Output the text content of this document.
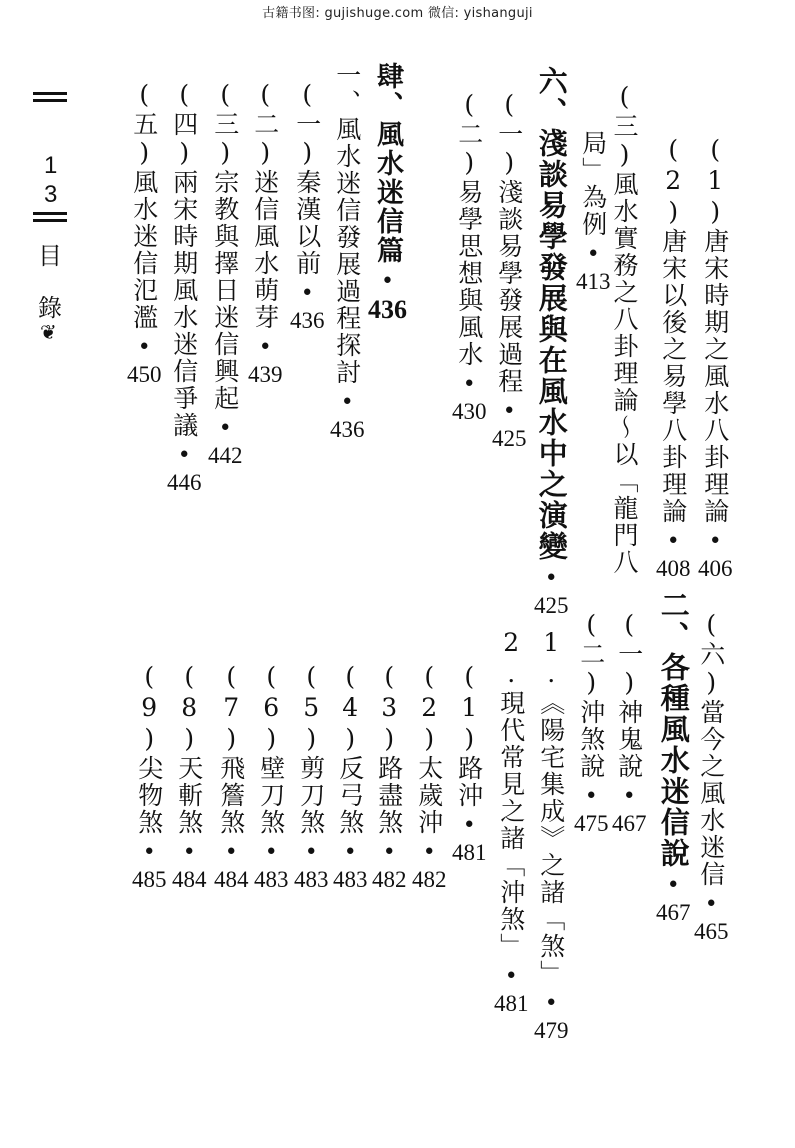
古籍书图: gujishuge.com 微信: yishanguji
1
3
目
錄
❦	(1)唐宋時期之風水八卦理論
•
406
(2)唐宋以後之易學八卦理論
•
408
(三)風水實務之八卦理論～以「龍門八
局」為例
•
413
六、淺談易學發展與在風水中之演變
•
425
(一)淺談易學發展過程
•
425
(二)易學思想與風水
•
430
肆、風水迷信篇
•
436
一、風水迷信發展過程探討
•
436
(一)秦漢以前
•
436
(二)迷信風水萌芽
•
439
(三)宗教與擇日迷信興起
•
442
(四)兩宋時期風水迷信爭議
•
446
(五)風水迷信氾濫
•
450
(六)當今之風水迷信
•
465
二、各種風水迷信說
•
467
(一)神鬼說
•
467
(二)沖煞說
•
475
1.《陽宅集成》之諸「煞」
•
479
2.現代常見之諸「沖煞」
•
481
(1)路沖
•
481
(2)太歲沖
•
482
(3)路盡煞
•
482
(4)反弓煞
•
483
(5)剪刀煞
•
483
(6)壁刀煞
•
483
(7)飛簷煞
•
484
(8)天斬煞
•
484
(9)尖物煞
•
485
